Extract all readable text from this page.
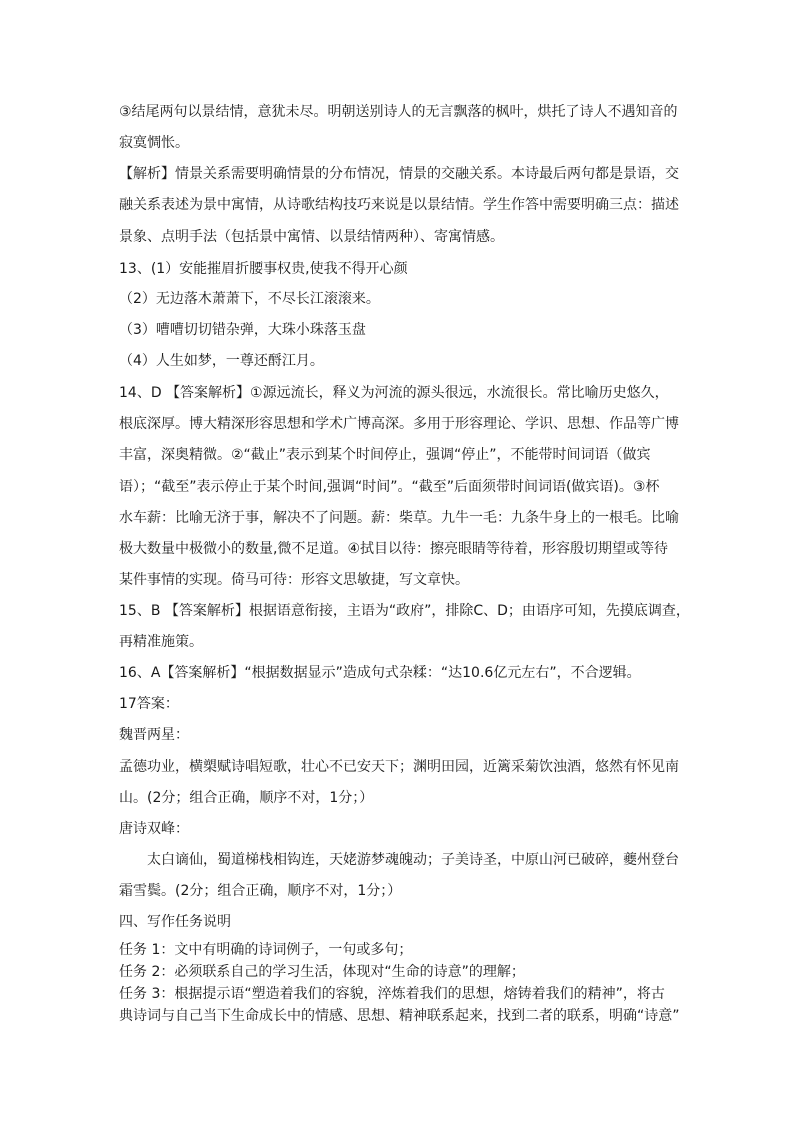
③结尾两句以景结情，意犹未尽。明朝送别诗人的无言飘落的枫叶，烘托了诗人不遇知音的
寂寞惆怅。
【解析】情景关系需要明确情景的分布情况，情景的交融关系。本诗最后两句都是景语，交
融关系表述为景中寓情，从诗歌结构技巧来说是以景结情。学生作答中需要明确三点：描述
景象、点明手法（包括景中寓情、以景结情两种）、寄寓情感。
13、(1）安能摧眉折腰事权贵,使我不得开心颜
（2）无边落木萧萧下，不尽长江滚滚来。
（3）嘈嘈切切错杂弹，大珠小珠落玉盘
（4）人生如梦，一尊还酹江月。
14、D 【答案解析】①源远流长，释义为河流的源头很远，水流很长。常比喻历史悠久，
根底深厚。博大精深形容思想和学术广博高深。多用于形容理论、学识、思想、作品等广博
丰富，深奥精微。②“截止”表示到某个时间停止，强调“停止”，不能带时间词语（做宾
语）；“截至”表示停止于某个时间,强调“时间”。“截至”后面须带时间词语(做宾语)。③杯
水车薪：比喻无济于事，解决不了问题。薪：柴草。九牛一毛：九条牛身上的一根毛。比喻
极大数量中极微小的数量,微不足道。④拭目以待：擦亮眼睛等待着，形容殷切期望或等待
某件事情的实现。倚马可待：形容文思敏捷，写文章快。
15、B 【答案解析】根据语意衔接，主语为“政府”，排除C、D；由语序可知，先摸底调查，
再精准施策。
16、A【答案解析】“根据数据显示”造成句式杂糅：“达10.6亿元左右”，不合逻辑。
17答案：
魏晋两星：
孟德功业，横槊赋诗唱短歌，壮心不已安天下；渊明田园，近篱采菊饮浊酒，悠然有怀见南
山。(2分；组合正确，顺序不对，1分；）
唐诗双峰：
太白谪仙，蜀道梯栈相钩连，天姥游梦魂魄动；子美诗圣，中原山河已破碎，夔州登台
霜雪鬓。(2分；组合正确，顺序不对，1分；）
四、写作任务说明
任务 1：文中有明确的诗词例子，一句或多句；
任务 2：必须联系自己的学习生活，体现对“生命的诗意”的理解；
任务 3：根据提示语“塑造着我们的容貌，淬炼着我们的思想，熔铸着我们的精神”，将古
典诗词与自己当下生命成长中的情感、思想、精神联系起来，找到二者的联系，明确“诗意”
